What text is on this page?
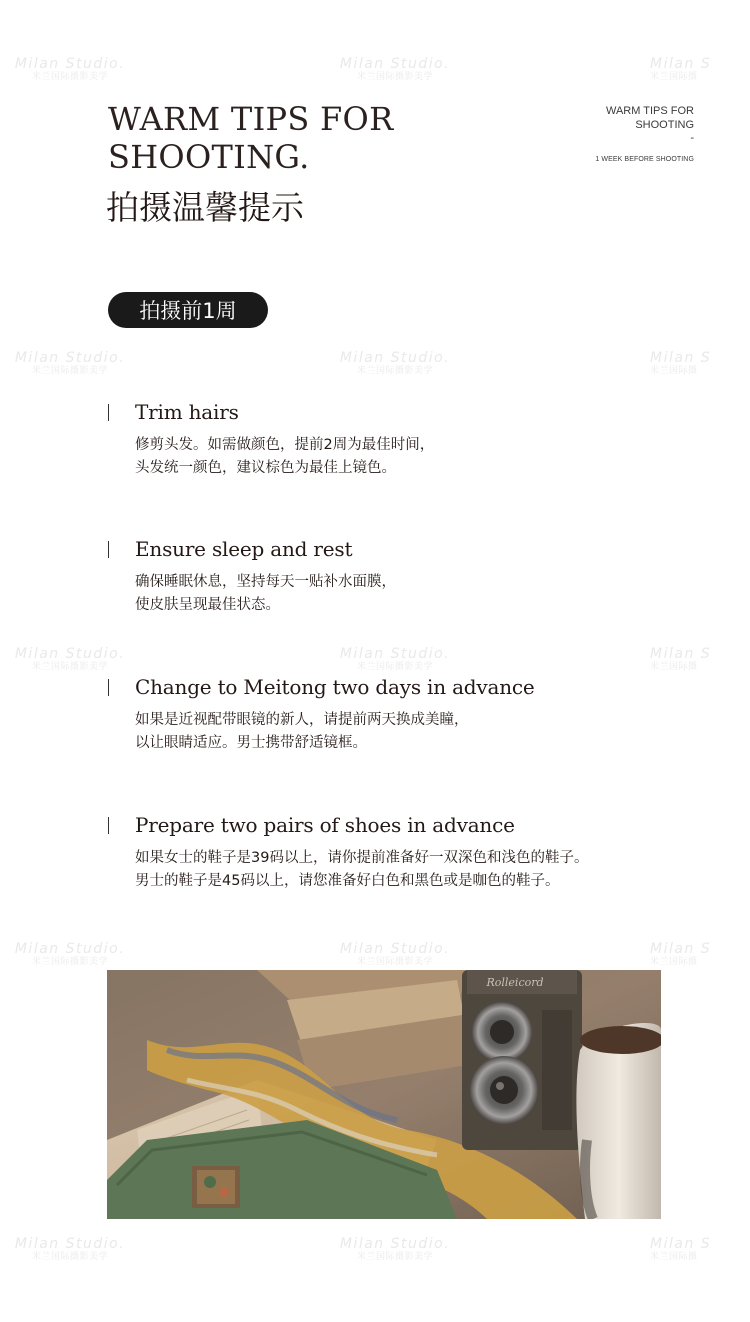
Milan Studio.
米兰国际摄影美学
Milan Studio.
米兰国际摄影美学
Milan S
米兰国际摄
Milan Studio.
米兰国际摄影美学
Milan Studio.
米兰国际摄影美学
Milan S
米兰国际摄
Milan Studio.
米兰国际摄影美学
Milan Studio.
米兰国际摄影美学
Milan S
米兰国际摄
Milan Studio.
米兰国际摄影美学
Milan Studio.
米兰国际摄影美学
Milan S
米兰国际摄
Milan Studio.
米兰国际摄影美学
Milan Studio.
米兰国际摄影美学
Milan S
米兰国际摄
WARM TIPS FOR
SHOOTING.
拍摄温馨提示
WARM TIPS FOR SHOOTING
-
1 WEEK BEFORE SHOOTING
拍摄前1周
Trim hairs
修剪头发。如需做颜色，提前2周为最佳时间，
头发统一颜色，建议棕色为最佳上镜色。
Ensure sleep and rest
确保睡眠休息，坚持每天一贴补水面膜，
使皮肤呈现最佳状态。
Change to Meitong two days in advance
如果是近视配带眼镜的新人，请提前两天换成美瞳，
以让眼睛适应。男士携带舒适镜框。
Prepare two pairs of shoes in advance
如果女士的鞋子是39码以上，请你提前准备好一双深色和浅色的鞋子。
男士的鞋子是45码以上，请您准备好白色和黑色或是咖色的鞋子。
Rolleicord
